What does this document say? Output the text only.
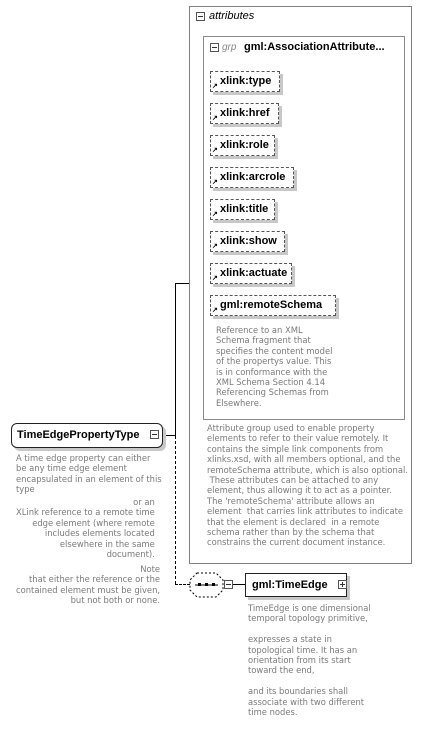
attributes
grp gml:AssociationAttribute...
xlink:type
↗
xlink:href
↗
xlink:role
↗
xlink:arcrole
↗
xlink:title
↗
xlink:show
↗
xlink:actuate
↗
gml:remoteSchema
↗
Reference to an XML
Schema fragment that
specifies the content model
of the propertys value. This
is in conformance with the
XML Schema Section 4.14
Referencing Schemas from
Elsewhere.
Attribute group used to enable property
elements to refer to their value remotely. It
contains the simple link components from
xlinks.xsd, with all members optional, and the
remoteSchema attribute, which is also optional.
These attributes can be attached to any
element, thus allowing it to act as a pointer.
The 'remoteSchema' attribute allows an
element  that carries link attributes to indicate
that the element is declared  in a remote
schema rather than by the schema that
constrains the current document instance.
TimeEdgePropertyType
A time edge property can either
be any time edge element
encapsulated in an element of this
type
or an
XLink reference to a remote time
edge element (where remote
includes elements located
elsewhere in the same
document).
Note
that either the reference or the
contained element must be given,
but not both or none.
gml:TimeEdge
TimeEdge is one dimensional
temporal topology primitive,

expresses a state in
topological time. It has an
orientation from its start
toward the end,

and its boundaries shall
associate with two different
time nodes.
